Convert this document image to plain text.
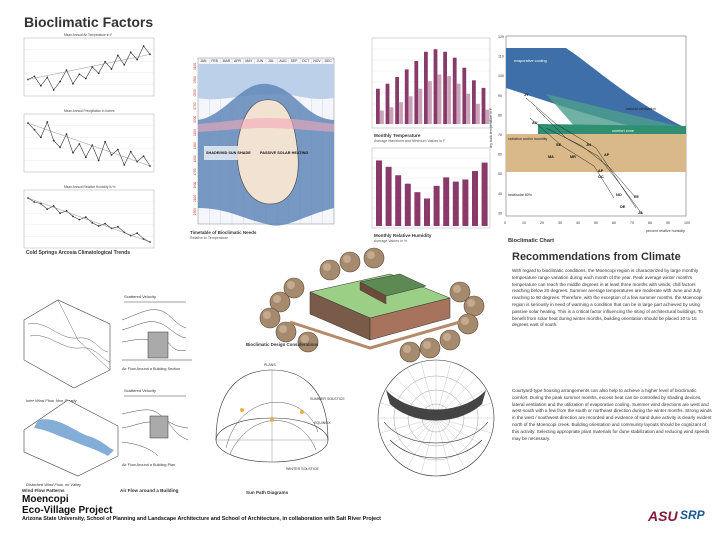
Bioclimatic Factors
Mean Annual Air Temperature in F
Mean Annual Precipitation in inches
Mean Annual Relative Humidity in %
Cold Springs Arcosia Climatological Trends
SHADE/MID SUN SHADE PASSIVE SOLAR HEATING
JAN FEB MAR APR MAY JUN JUL AUG SEP OCT NOV DEC
0100
0300
0500
0700
0900
1100
1300
1500
1700
1900
2100
2300
Timetable of Bioclimatic Needs
Relative to Temperature
Monthly Temperature
Average Maximum and Minimum Values in F
Monthly Relative Humidity
Average Values in %
120
110
100
90
80
70
60
50
40
30
0	10	20	30	40	50	60	70	80	90	100
dry bulb temperature in F
percent relative humidity
JY
AU
SE
MA
JN
AP
MR
OC
NO	FE
DE
JA
AP
evaporative cooling
natural ventilation
comfort zone
radiation and/or humidity
heat/solar 80%
Bioclimatic Chart
Inter Wind Flow, Non Steady
Disturbed Wind Flow, no Valley
Scattered Velocity
Air Flow Around a Building Section
Scattered Velocity
Air Flow Around a Building Plan
Wind Flow Patterns	Air Flow around a Building
Bioclimatic Design Considerations
SUMMER SOLSTICE
EQUINOX
WINTER SOLSTICE
PLANS
Sun Path Diagrams
Recommendations from Climate
With regard to bioclimatic conditions, the Moencopi region is characterized by large monthly temperature range variation during each month of the year. Peak average winter month's temperature can reach the middle degrees in at least three months with winds, chill factors reaching below 20 degrees. Summer average temperatures are moderate with June and July reaching to 90 degrees. Therefore, with the exception of a few summer months, the Moencopi region is seriously in need of warming a condition that can be in large part achieved by using passive solar heating. This is a critical factor influencing the siting of architectural buildings. To benefit from solar heat during winter months, building orientation should be placed 10 to 15 degrees east of south.
Courtyard-type housing arrangements can also help to achieve a higher level of bioclimatic comfort. During the peak summer months, excess heat can be controlled by shading devices, lateral ventilation and the utilization of evaporative cooling. Summer wind directions are west and west-south with a few from the south or northeast direction during the winter months. Strong winds in the west / southwest direction are recorded and evidence of sand dune activity is clearly evident north of the Moencopi creek. Building orientation and community layouts should be cognizant of this activity. Selecting appropriate plant materials for dune stabilization and reducing wind speeds may be necessary.
Moencopi
Eco-Village Project
Arizona State University, School of Planning and Landscape Architecture and School of Architecture, in collaboration with Salt River Project	ASU SRP
